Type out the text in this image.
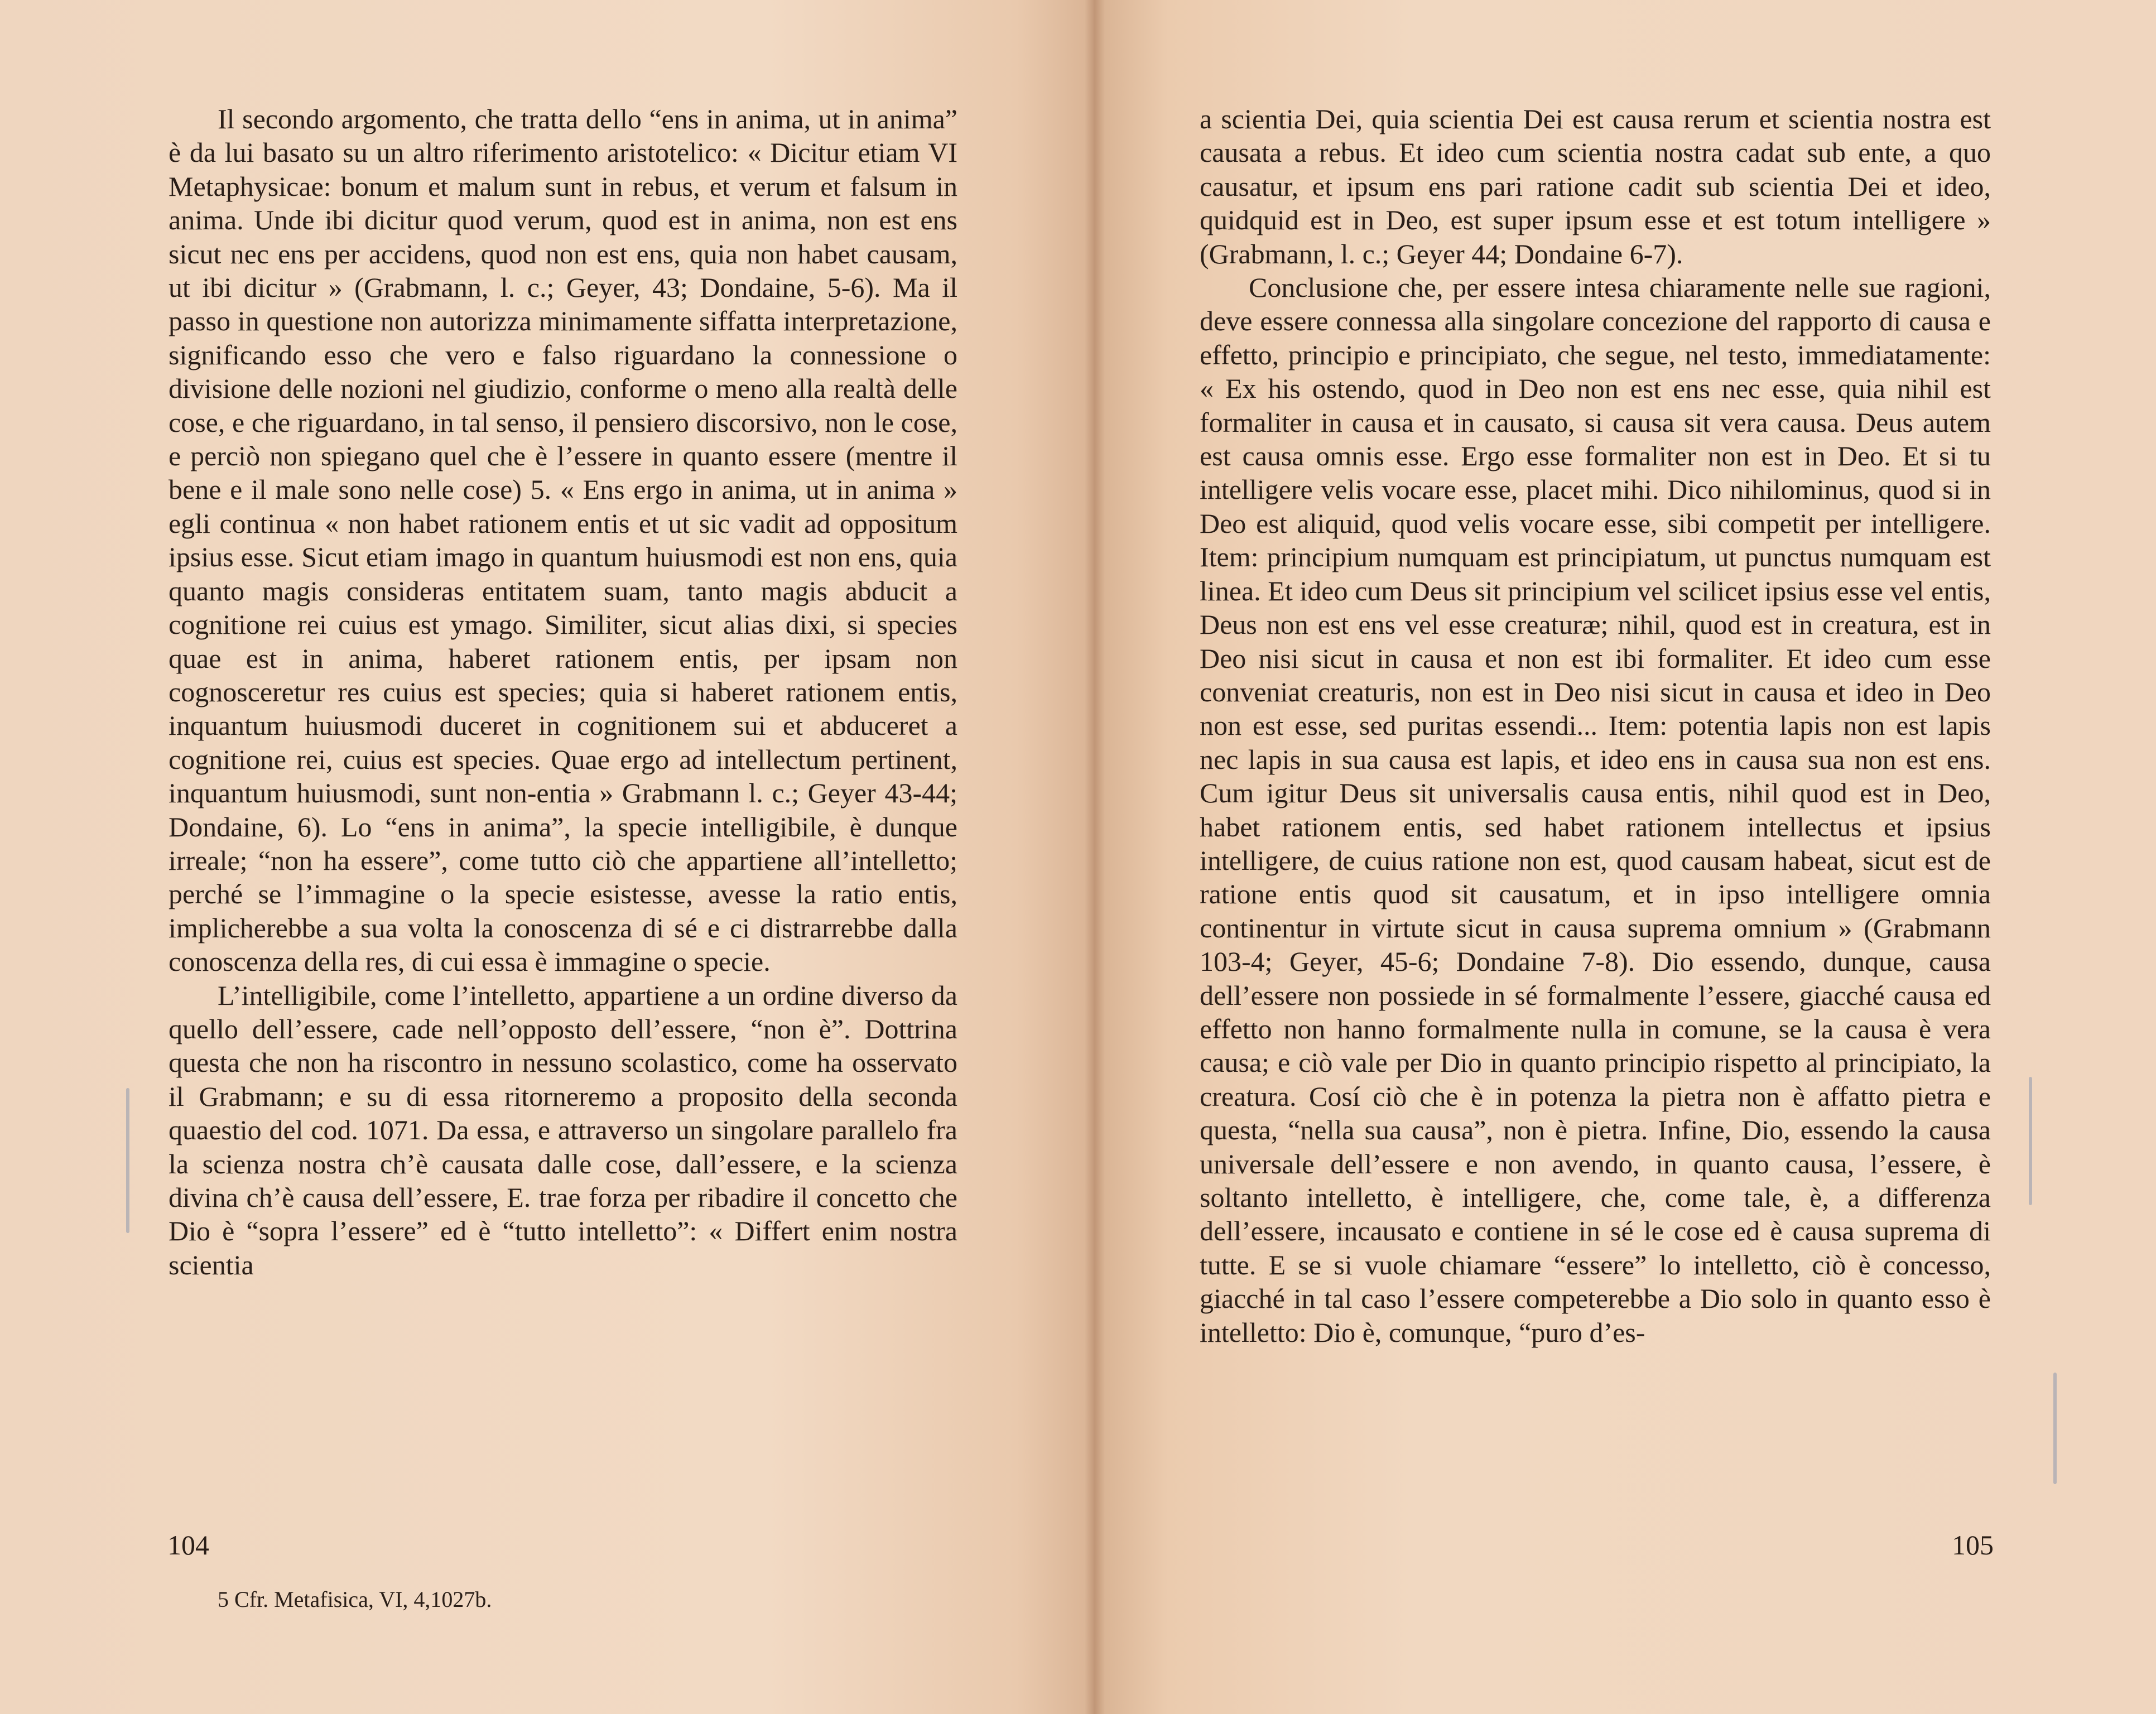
Il secondo argomento, che tratta dello “ens in anima, ut in anima” è da lui basato su un altro riferimento aristotelico: « Dicitur etiam VI Metaphysicae: bonum et malum sunt in rebus, et verum et falsum in anima. Unde ibi dicitur quod verum, quod est in anima, non est ens sicut nec ens per accidens, quod non est ens, quia non habet causam, ut ibi dicitur » (Grabmann, l. c.; Geyer, 43; Dondaine, 5-6). Ma il passo in questione non autorizza minimamente siffatta interpretazione, significando esso che vero e falso riguardano la connessione o divisione delle nozioni nel giudizio, conforme o meno alla realtà delle cose, e che riguardano, in tal senso, il pensiero discorsivo, non le cose, e perciò non spiegano quel che è l’essere in quanto essere (mentre il bene e il male sono nelle cose) 5. « Ens ergo in anima, ut in anima » egli continua « non habet rationem entis et ut sic vadit ad oppositum ipsius esse. Sicut etiam imago in quantum huiusmodi est non ens, quia quanto magis consideras entitatem suam, tanto magis abducit a cognitione rei cuius est ymago. Similiter, sicut alias dixi, si species quae est in anima, haberet rationem entis, per ipsam non cognosceretur res cuius est species; quia si haberet rationem entis, inquantum huiusmodi duceret in cognitionem sui et abduceret a cognitione rei, cuius est species. Quae ergo ad intellectum pertinent, inquantum huiusmodi, sunt non-entia » Grabmann l. c.; Geyer 43-44; Dondaine, 6). Lo “ens in anima”, la specie intelligibile, è dunque irreale; “non ha essere”, come tutto ciò che appartiene all’intelletto; perché se l’immagine o la specie esistesse, avesse la ratio entis, implicherebbe a sua volta la conoscenza di sé e ci distrarrebbe dalla conoscenza della res, di cui essa è immagine o specie.

L’intelligibile, come l’intelletto, appartiene a un ordine diverso da quello dell’essere, cade nell’opposto dell’essere, “non è”. Dottrina questa che non ha riscontro in nessuno scolastico, come ha osservato il Grabmann; e su di essa ritorneremo a proposito della seconda quaestio del cod. 1071. Da essa, e attraverso un singolare parallelo fra la scienza nostra ch’è causata dalle cose, dall’essere, e la scienza divina ch’è causa dell’essere, E. trae forza per ribadire il concetto che Dio è “sopra l’essere” ed è “tutto intelletto”: « Differt enim nostra scientia

5 Cfr. Metafisica, VI, 4,1027b.
104

a scientia Dei, quia scientia Dei est causa rerum et scientia nostra est causata a rebus. Et ideo cum scientia nostra cadat sub ente, a quo causatur, et ipsum ens pari ratione cadit sub scientia Dei et ideo, quidquid est in Deo, est super ipsum esse et est totum intelligere » (Grabmann, l. c.; Geyer 44; Dondaine 6-7).

Conclusione che, per essere intesa chiaramente nelle sue ragioni, deve essere connessa alla singolare concezione del rapporto di causa e effetto, principio e principiato, che segue, nel testo, immediatamente: « Ex his ostendo, quod in Deo non est ens nec esse, quia nihil est formaliter in causa et in causato, si causa sit vera causa. Deus autem est causa omnis esse. Ergo esse formaliter non est in Deo. Et si tu intelligere velis vocare esse, placet mihi. Dico nihilominus, quod si in Deo est aliquid, quod velis vocare esse, sibi competit per intelligere. Item: principium numquam est principiatum, ut punctus numquam est linea. Et ideo cum Deus sit principium vel scilicet ipsius esse vel entis, Deus non est ens vel esse creaturæ; nihil, quod est in creatura, est in Deo nisi sicut in causa et non est ibi formaliter. Et ideo cum esse conveniat creaturis, non est in Deo nisi sicut in causa et ideo in Deo non est esse, sed puritas essendi... Item: potentia lapis non est lapis nec lapis in sua causa est lapis, et ideo ens in causa sua non est ens. Cum igitur Deus sit universalis causa entis, nihil quod est in Deo, habet rationem entis, sed habet rationem intellectus et ipsius intelligere, de cuius ratione non est, quod causam habeat, sicut est de ratione entis quod sit causatum, et in ipso intelligere omnia continentur in virtute sicut in causa suprema omnium » (Grabmann 103-4; Geyer, 45-6; Dondaine 7-8). Dio essendo, dunque, causa dell’essere non possiede in sé formalmente l’essere, giacché causa ed effetto non hanno formalmente nulla in comune, se la causa è vera causa; e ciò vale per Dio in quanto principio rispetto al principiato, la creatura. Cosí ciò che è in potenza la pietra non è affatto pietra e questa, “nella sua causa”, non è pietra. Infine, Dio, essendo la causa universale dell’essere e non avendo, in quanto causa, l’essere, è soltanto intelletto, è intelligere, che, come tale, è, a differenza dell’essere, incausato e contiene in sé le cose ed è causa suprema di tutte. E se si vuole chiamare “essere” lo intelletto, ciò è concesso, giacché in tal caso l’essere competerebbe a Dio solo in quanto esso è intelletto: Dio è, comunque, “puro d’es-

105
